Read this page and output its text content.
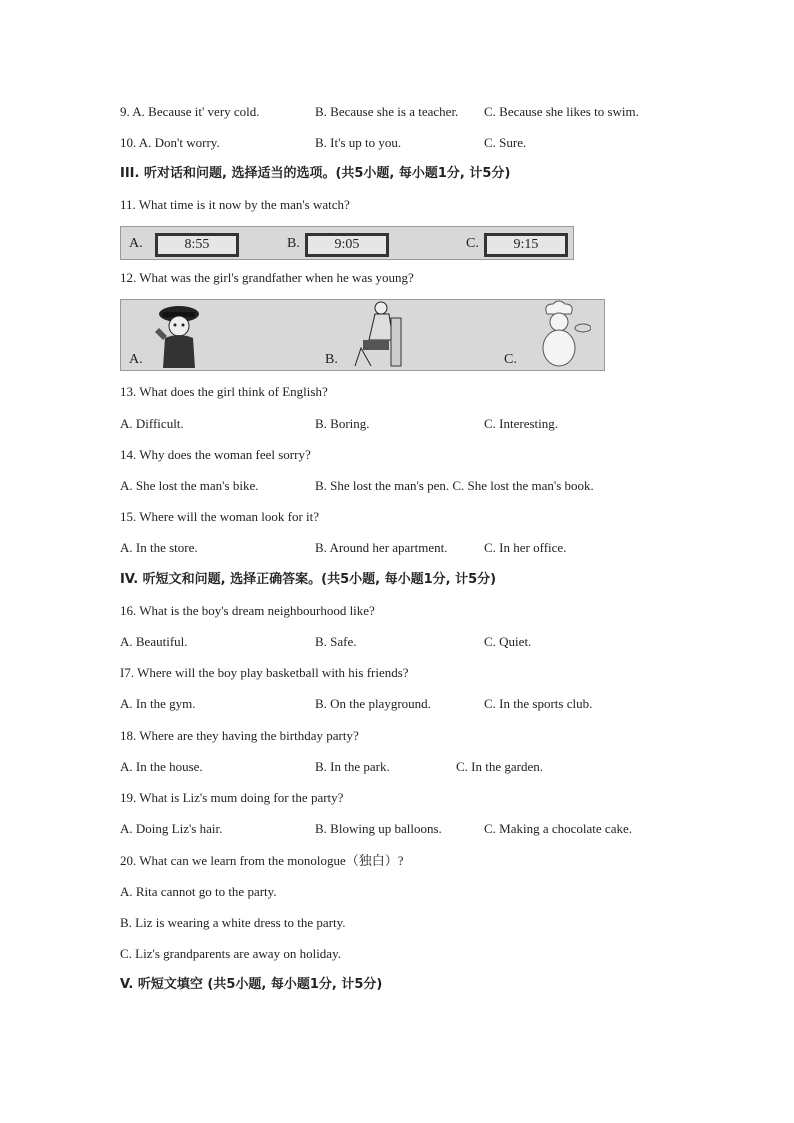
9. A. Because it' very cold.	B. Because she is a teacher. C. Because she likes to swim.
10. A. Don't worry.	B. It's up to you.	C. Sure.
III. 听对话和问题, 选择适当的选项。(共5小题, 每小题1分, 计5分)
11. What time is it now by the man's watch?
A.	8:55	B.	9:05	C.	9:15
12. What was the girl's grandfather when he was young?
A.	B.	C.
13. What does the girl think of English?
A. Difficult.	B. Boring.	C. Interesting.
14. Why does the woman feel sorry?
A. She lost the man's bike.	B. She lost the man's pen. C. She lost the man's book.
15. Where will the woman look for it?
A. In the store.	B. Around her apartment.	C. In her office.
IV. 听短文和问题, 选择正确答案。(共5小题, 每小题1分, 计5分)
16. What is the boy's dream neighbourhood like?
A. Beautiful.	B. Safe.	C. Quiet.
I7. Where will the boy play basketball with his friends?
A. In the gym.	B. On the playground.	C. In the sports club.
18. Where are they having the birthday party?
A. In the house.	B. In the park.	C. In the garden.
19. What is Liz's mum doing for the party?
A. Doing Liz's hair.	B. Blowing up balloons.	C. Making a chocolate cake.
20. What can we learn from the monologue（独白）?
A. Rita cannot go to the party.
B. Liz is wearing a white dress to the party.
C. Liz's grandparents are away on holiday.
V. 听短文填空 (共5小题, 每小题1分, 计5分)
